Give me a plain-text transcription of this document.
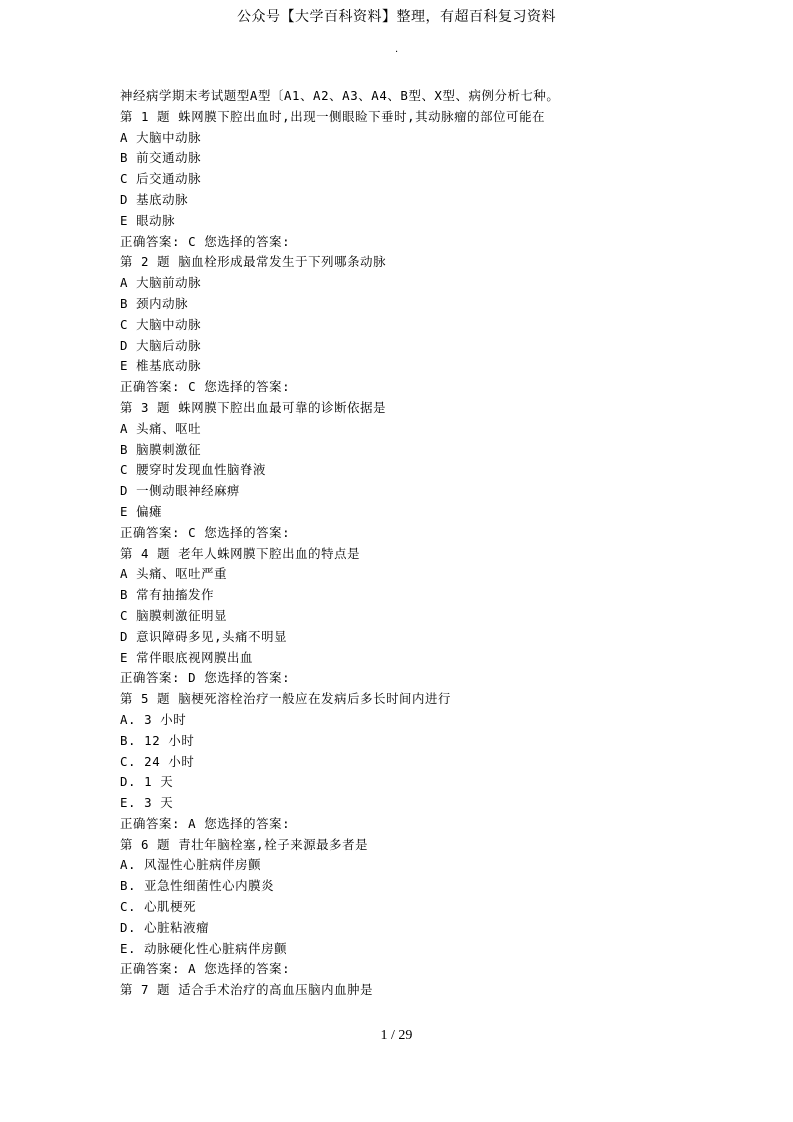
公众号【大学百科资料】整理，有超百科复习资料
.
神经病学期末考试题型A型〔A1、A2、A3、A4、B型、X型、病例分析七种。
第 1 题 蛛网膜下腔出血时,出现一侧眼睑下垂时,其动脉瘤的部位可能在
A 大脑中动脉
B 前交通动脉
C 后交通动脉
D 基底动脉
E 眼动脉
正确答案: C 您选择的答案:
第 2 题 脑血栓形成最常发生于下列哪条动脉
A 大脑前动脉
B 颈内动脉
C 大脑中动脉
D 大脑后动脉
E 椎基底动脉
正确答案: C 您选择的答案:
第 3 题 蛛网膜下腔出血最可靠的诊断依据是
A 头痛、呕吐
B 脑膜刺激征
C 腰穿时发现血性脑脊液
D 一侧动眼神经麻痹
E 偏瘫
正确答案: C 您选择的答案:
第 4 题 老年人蛛网膜下腔出血的特点是
A 头痛、呕吐严重
B 常有抽搐发作
C 脑膜刺激征明显
D 意识障碍多见,头痛不明显
E 常伴眼底视网膜出血
正确答案: D 您选择的答案:
第 5 题 脑梗死溶栓治疗一般应在发病后多长时间内进行
A. 3 小时
B. 12 小时
C. 24 小时
D. 1 天
E. 3 天
正确答案: A 您选择的答案:
第 6 题 青壮年脑栓塞,栓子来源最多者是
A. 风湿性心脏病伴房颤
B. 亚急性细菌性心内膜炎
C. 心肌梗死
D. 心脏粘液瘤
E. 动脉硬化性心脏病伴房颤
正确答案: A 您选择的答案:
第 7 题 适合手术治疗的高血压脑内血肿是
1 / 29
